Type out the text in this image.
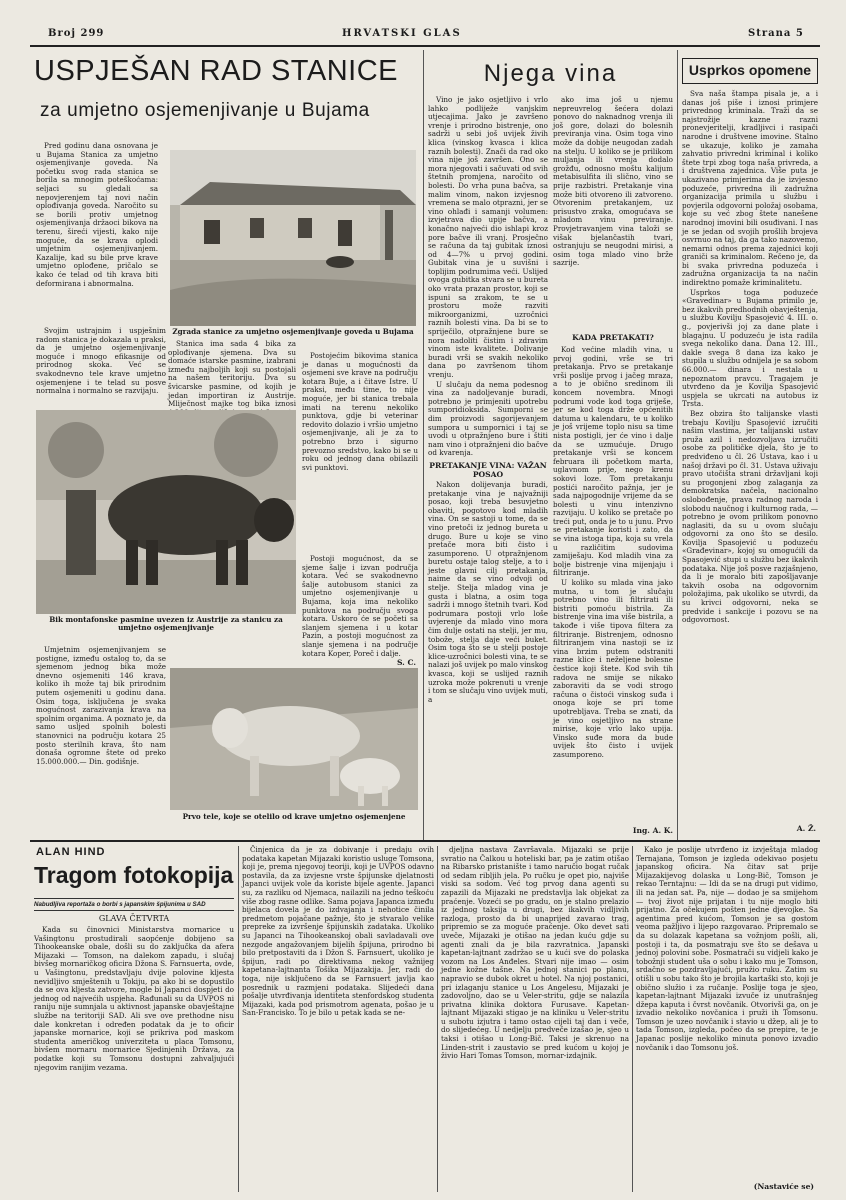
Broj 299	HRVATSKI GLAS	Strana 5
USPJEŠAN RAD STANICE
za umjetno osjemenjivanje u Bujama

Pred godinu dana osnovana je u Bujama Stanica za umjetno osjemenjivanje goveda. Na početku svog rada stanica se borila sa mnogim poteškoćama: seljaci su gledali sa nepovjerenjem taj novi način oplođivanja goveda. Naročito su se borili protiv umjetnog osjemenjivanja držaoci bikova na terenu, šireći vijesti, kako nije moguće, da se krava oplodi umjetnim osjemenjivanjem. Kazalije, kad su bile prve krave umjetno oplođene, pričalo se kako će telad od tih krava biti deformirana i abnormalna.

Svojim ustrajnim i uspješnim radom stanica je dokazala u praksi, da je umjetno osjemenjivanje moguće i mnogo efikasnije od prirodnog skoka. Već se svakodnevno tele krave umjetno osjemenjene i te telad su posve normalna i normalno se razvijaju.

Zgrada stanice za umjetno osjemenjivanje goveda u Bujama

Stanica ima sada 4 bika za oplođivanje sjemena. Dva su domaće istarske pasmine, izabrani između najboljih koji su postojali na našem teritoriju. Dva su švicarske pasmine, od kojih je jedan importiran iz Austrije. Mliječnost majke tog bika iznosi

Postojećim bikovima stanica je danas u mogućnosti da osjemeni sve krave na području kotara Buje, a i čitave Istre. U praksi, među time, to nije moguće, jer bi stanica trebala imati na terenu nekoliko punktova, gdje bi veterinar redovito dolazio i vršio umjetno osjemenjivanje, ali je za to potrebno brzo i sigurno prevozno sredstvo, kako bi se u roku od jednog dana obilazili svi punktovi.

Bik montafonske pasmine uvezen iz Austrije za stanicu za umjetno osjemenjivanje

Postoji mogućnost, da se sjeme šalje i izvan područja kotara. Već se svakodnevno šalje autobusom stanici za umjetno osjemenjivanje u Bujama, koja ima nekoliko punktova na području svoga kotara. Uskoro će se početi sa slanjem sjemena i u kotar Pazin, a postoji mogućnost za slanje sjemena i na područje kotara Koper, Poreč i dalje.

S. C.

Umjetnim osjemenjivanjem se postigne, između ostalog to, da se sjemenom jednog bika može dnevno osjemeniti 146 krava, koliko ih može taj bik prirodnim putem osjemeniti u godinu dana. Osim toga, isključena je svaka mogućnost zarazivanja krava na spolnim organima. A poznato je, da samo usljed spolnih bolesti stanovnici na području kotara 25 posto sterilnih krava, što nam donaša ogromne štete od preko 15.000.000.— Din. godišnje.

Prvo tele, koje se otelilo od krave umjetno osjemenjene
Njega vina

Vino je jako osjetljivo i vrlo lahko podliježe vanjskim utjecajima. Jako je završeno vrenje i prirodno bistrenje, ono sadrži u sebi još uvijek živih klica (vinskog kvasca i klica raznih bolesti). Znači da rad oko vina nije još završen. Ono se mora njegovati i sačuvati od svih štetnih promjena, naročito od bolesti. Do vrha puna bačva, sa malim vinom, nakon izvjesnog vremena se malo otprazni, jer se vino ohlađi i samanji volumen: izvjetrava dio upije bačva, a konačno najveći dio ishlapi kroz pore bačve ili vranj. Prosječno se računa da taj gubitak iznosi od 4—7% u prvoj godini. Gubitak vina je u suvišni i toplijim podrumima veći. Uslijed ovoga gubitka stvara se u bureta oko vrata prazan prostor, koji se ispuni sa zrakom, te se u prostoru može razviti mikroorganizmi, uzročnici raznih bolesti vina. Da bi se to spriječilo, otpražnjene bure se nora nadoliti čistim i zdravim vinom iste kvalitete. Dolivanje buradi vrši se svakih nekoliko dana po završenom tihom vrenju.

U slučaju da nema podesnog vina za nadoljevanje buradi, potrebno je primjeniti upotrebu sumporidioksida. Sumporni se dim proizvodi sagorijevanjem sumpora u sumpornici i taj se uvodi u otpražnjeno bure i štiti nam vino i otpražnjeni dio bačve od kvarenja.

PRETAKANJE VINA: VAŽAN POSAO

Nakon dolijevanja buradi, pretakanje vina je najvažniji posao, koji treba besuvjetno obaviti, pogotovo kod mladih vina. On se sastoji u tome, da se vino pretoči iz jednog bureta u drugo. Bure u koje se vino pretače mora biti čisto i zasumporeno. U otpražnjenom buretu ostaje talog stelje, a to i jeste glavni cilj pretakanja, naime da se vino odvoji od stelje. Stelja mladog vina je gusta i blatna, a osim toga sadrži i mnogo štetnih tvari. Kod podrumara postoji vrlo loše uvjerenje da mlado vino mora čim dulje ostati na stelji, jer mu, tobože, stelja daje veći buket. Osim toga što se u stelji postoje klice-uzročnici bolesti vina, te se nalazi još uvijek po malo vinskog kvasca, koji se uslijed raznih uzroka može pokrenuti u vrenje i tom se slučaju vino uvijek muti, a

ako ima još u njemu nepreuvrelog šećera dolazi ponovo do naknadnog vrenja ili još gore, dolazi do bolesnih previranja vina. Osim toga vino može da dobije neugodan zadah na stelju. U koliko se je prilikom muljanja ili vrenja dodalo grožđu, odnosno moštu kalijum metabisulfita ili slično, vino se prije razbistri. Pretakanje vina može biti otvoreno ili zatvoreno. Otvorenim pretakanjem, uz prisustvo zraka, omogućava se mladom vinu previranje. Provjetravanjem vina taloži se višak bjelančastih tvari, ostranjuju se neugodni mirisi, a osim toga mlado vino brže sazrije.

KADA PRETAKATI?

Kod većine mladih vina, u prvoj godini, vrše se tri pretakanja. Prvo se pretakanje vrši poslije prvog i jačeg mraza, a to je obično sredinom ili koncem novembra. Mnogi podrumi vode kod toga griješe, jer se kod toga drže općenitih datuma u kalendaru, te u koliko je još vrijeme toplo nisu sa time nista postigli, jer će vino i dalje da se uzmućuje. Drugo pretakanje vrši se koncem februara ili početkom marta, uglavnom prije, nego krenu sokovi loze. Tom pretakanju postići naročito pažnja, jer je sada najpogodnije vrijeme da se bolesti u vinu intenzivno razvijaju. U koliko se pretače po treći put, onda je to u junu. Prvo se pretakanje koristi i zato, da se vina istoga tipa, koja su vrela u različitim sudovima zamiješaju. Kod mladih vina za bolje bistrenje vina mijenjaju i filtriranje.

U koliko su mlada vina jako mutna, u tom je slučaju potrebno vino ili filtrirati ili bistriti pomoću bistrila. Za bistrenje vina ima više bistrila, a takođe i više tipova filtera za filtriranje. Bistrenjem, odnosno filtriranjem vina nastoji se iz vina brzim putem odstraniti razne klice i neželjene bolesne čestice koji štete. Kod svih tih radova ne smije se nikako zaboraviti da se vodi strogo računa o čistoći vinskog suđa i onoga koje se pri tome upotrebljava. Treba se znati, da je vino osjetljivo na strane mirise, koje vrlo lako upija. Vinsko suđe mora da bude uvijek što čisto i uvijek zasumporeno.

Ing. A. K.
Usprkos opomene

Sva naša štampa pisala je, a i danas još piše i iznosi primjere privrednog kriminala. Traži da se najstrožije kazne razni pronevjeritelji, kradljivci i rasipači narodne i društvene imovine. Stalno se ukazuje, koliko je zamaha zahvatio privredni kriminal i koliko štete trpi zbog toga naša privreda, a i društvena zajednica. Više puta je ukazivano primjerima da je izvjesno poduzeće, privredna ili zadružna organizacija primila u službu i povjerila odgovorni položaj osobama, koje su već zbog štete nanešene narodnoj imovini bili osuđivani. I nas je se jedan od svojih prošlih brojeva osvrnuo na taj, da ga tako nazovemo, nemarni odnos prema zajednici koji graniči sa kriminalom. Rečeno je, da bi svaka privredna poduzeća i zadružna organizacija ta na način indirektno pomaže kriminalitetu.

Usprkos toga poduzeće «Gravedinar» u Bujama primilo je, bez ikakvih predhodnih obavještenja, u službu Kovilju Spasojević 4. III. o. g., povjerivši joj za dane plate i blagajnu. U poduzeću je ista radila svega nekoliko dana. Dana 12. III., dakle svega 8 dana iza kako je stupila u službu odnijela je sa sobom 66.000.— dinara i nestala u nepoznatom pravcu. Tragajem je utvrđeno da je Kovilja Spasojević uspjela se ukrcati na autobus iz Trsta.

Bez obzira što talijanske vlasti trebaju Kovilju Spasojević izručiti našim vlastima, jer talijanski ustav pruža azil i nedozvoljava izručiti osobe za političke djela, što je to predviđeno u čl. 26 Ustava, kao i u našoj državi po čl. 31. Ustava uživaju pravo utočišta strani državljani koji su progonjeni zbog zalaganja za demokratska načela, nacionalno oslobođenje, prava radnog naroda i slobodu naučnog i kulturnog rada, — potrebno je ovom prilikom ponovno naglasiti, da su u ovom slučaju odgovorni za ono što se desilo. Kovilja Spasojević u poduzeću «Građevinar», kojoj su omogućili da Spasojević stupi u službu bez ikakvih podataka. Nije još posve razjašnjeno, da li je moralo biti zapošljavanje takvih osoba na odgovornim položajima, pak ukoliko se utvrdi, da su krivci odgovorni, neka se predvide i sankcije i pozovu se na odgovornost.

A. Ž.
ALAN HIND
Tragom fotokopija
Nabudljiva reportaža o borbi s japanskim špijunima u SAD
GLAVA ČETVRTA

Kada su činovnici Ministarstva mornarice u Vašingtonu prostudirali saopćenje dobijeno sa Tihookeanske obale, došli su do zaključka da afera Mijazaki — Tomson, na dalekom zapadu, i slučaj bivšeg mornaričkog oficira Džona S. Farnsuerta, ovde, u Vašingtonu, predstavljaju dvije polovine kljesta nevidljivo smještenih u Tokiju, pa ako bi se dopustilo da se ova kljesta zatvore, mogle bi Japanci dospjeti do jednog od najvećih uspjeha. Rađunali su da UVPOS ni raniju nije sumnjala u aktivnost japanske obavještajne službe na teritoriji SAD. Ali sve ove prethodne nisu dale konkretan i određen podatak da je to oficir japanske mornarice, koji se prikriva pod maskom studenta američkog univerziteta u placa Tomsonu, bivšem mornaru mornarice Sjedinjenih Država, za podatke koji su Tomsonu dostupni zahvaljujući njegovim ranijim vezama.

Činjenica da je za dobivanje i predaju ovih podataka kapetan Mijazaki koristio usluge Tomsona, koji je, prema njegovoj teoriji, koji je UVPOS odavno postavila, da za izvjesne vrste špijunske djelatnosti Japanci uvijek vole da koriste bijele agente. Japanci su, za razliku od Njemaca, nailazili na jedno teškoću više zbog rasne odlike. Sama pojava Japanca između bijelaca dovela je do izdvajanja i nehotice činila predmetom pojačane pažnje, što je stvaralo velike prepreke za izvršenje špijunskih zadataka. Ukoliko su Japanci na Tihookeanskoj obali savladavali ove nezgode angažovanjem bijelih špijuna, prirodno bi bilo pretpostaviti da i Džon S. Farnsuert, ukoliko je špijun, radi po direktivama nekog važnijeg kapetana-lajtnanta Tošika Mijazakija. Jer, radi do toga, nije isključeno da se Farnsuert javlja kao posrednik u razmjeni podataka. Slijedeći dana pošalje utvrđivanja identiteta stenfordskog studenta Mijazaki, kada pod prismotrom agenata, pošao je u San-Francisko. To je bilo u petak kada se ne-

djeljna nastava Završavala. Mijazaki se prije svratio na Čalkou u hoteliski bar, pa je zatim otišao na Ribarsko pristanište i tamo naručio bogat ručak od sedam ribljih jela. Po ručku je opet pio, najviše viski sa sodom. Već tog prvog dana agenti su zapazili da Mijazaki ne predstavlja lak objekat za praćenje. Vozeći se po gradu, on je stalno prelazio iz jednog taksija u drugi, bez ikakvih vidljivih razloga, prosto da bi unaprijed zavarao trag, pripremio se za moguće praćenje. Oko devet sati uveče, Mijazaki je otišao na jedan kuću gdje su agenti znali da je bila razvratnica. Japanski kapetan-lajtnant zadržao se u kući sve do polaska vozom na Los Anđeles. Stvari nije imao — osim jedne kožne tašne. Na jednoj stanici po planu, napravio se dubok okret u hotel. Na njoj postanici, pri izlaganju stanice u Los Angelesu, Mijazaki je zadovoljno, dao se u Veler-stritu, gdje se nalazila privatna klinika doktora Furusave. Kapetan-lajtnant Mijazaki stigao je na kliniku u Veler-stritu u subotu izjutra i tamo ostao cijeli taj dan i veče, do slijedećeg. U nedjelju predveče izašao je, sjeo u taksi i otišao u Long-Bič. Taksi je skrenuo na Linden-strit i zaustavio se pred kućom u kojoj je živio Hari Tomas Tomson, mornar-izdajnik.

Kako je poslije utvrđeno iz izvještaja mladog Ternajana, Tomson je izgleda odekivao posjetu japanskog oficira. Na čitav sat prije Mijazakijevog dolaska u Long-Bič, Tomson je rekao Terntajnu: — Idi da se na drugi put vidimo, ili na jedan sat. Pa, nije — dodao je sa smijehom — tvoj život nije prijatan i tu nije moglo biti prijatno. Za očekujem pošten jedne djevojke. Sa agentima pred kućom, Tomson je sa gostom veoma pažljivo i lijepo razgovarao. Pripremalo se da su dolazak kapetana sa vožnjom pošli, ali, postoji i ta, da posmatraju sve što se dešava u jednoj polovini sobe. Posmatrači su vidjeli kako je tobožnji student uša o sobu i kako mu je Tomson, srdačno se pozdravljajući, pružio ruku. Zatim su otišli u sobu tako što je brojila kartaški sto, koji je obično služio i za ručanje. Poslije toga je sjeo, kapetan-lajtnant Mijazaki izvuče iz unutrašnjeg džepa kaputa i čvrst novčanik. Otvorivši ga, on je izvadio nekoliko novčanica i pruži ih Tomsonu. Tomson je uzeo novčanik i stavio u džep, ali je to tada Tomson, izgleda, počeo da se prepire, te je Japanac poslije nekoliko minuta ponovo izvadio novčanik i dao Tomsonu još.

(Nastaviće se)
